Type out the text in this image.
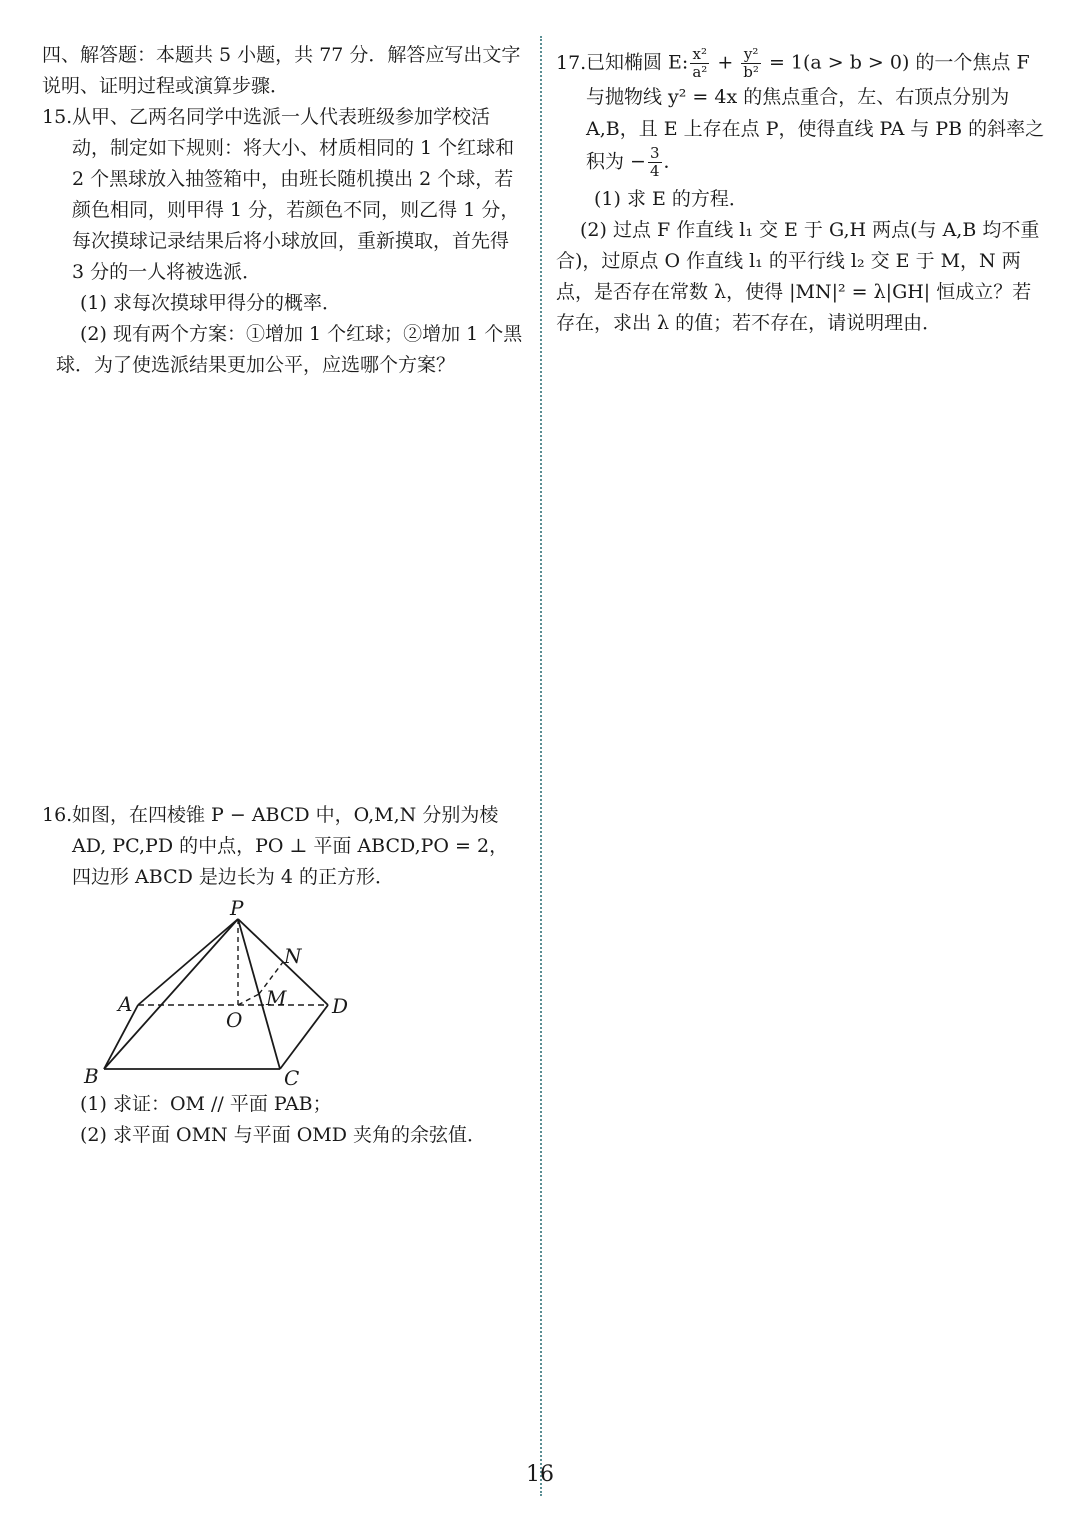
四、解答题：本题共 5 小题，共 77 分．解答应写出文字说明、证明过程或演算步骤．

15.从甲、乙两名同学中选派一人代表班级参加学校活动，制定如下规则：将大小、材质相同的 1 个红球和 2 个黑球放入抽签箱中，由班长随机摸出 2 个球，若颜色相同，则甲得 1 分，若颜色不同，则乙得 1 分，每次摸球记录结果后将小球放回，重新摸取，首先得 3 分的一人将被选派．

(1) 求每次摸球甲得分的概率．

(2) 现有两个方案：①增加 1 个红球；②增加 1 个黑球．为了使选派结果更加公平，应选哪个方案？

16.如图，在四棱锥 P − ABCD 中，O,M,N 分别为棱 AD, PC,PD 的中点，PO ⊥ 平面 ABCD,PO = 2，四边形 ABCD 是边长为 4 的正方形．

P
N
M
A
O
D
B	C

(1) 求证：OM // 平面 PAB；

(2) 求平面 OMN 与平面 OMD 夹角的余弦值．

17.已知椭圆 E: $\frac{\text{x²}}{\text{a²}} + \frac{\text{y²}}{\text{b²}} = 1(a > b > 0)$ 的一个焦点 F 与抛物线 y² = 4x 的焦点重合，左、右顶点分别为 A,B，且 E 上存在点 P，使得直线 PA 与 PB 的斜率之积为 − $\frac{3}{4}$ ．

(1) 求 E 的方程．

(2) 过点 F 作直线 l₁ 交 E 于 G,H 两点(与 A,B 均不重合)，过原点 O 作直线 l₁ 的平行线 l₂ 交 E 于 M，N 两点，是否存在常数 λ，使得 |MN|² = λ|GH| 恒成立？若存在，求出 λ 的值；若不存在，请说明理由．

16
